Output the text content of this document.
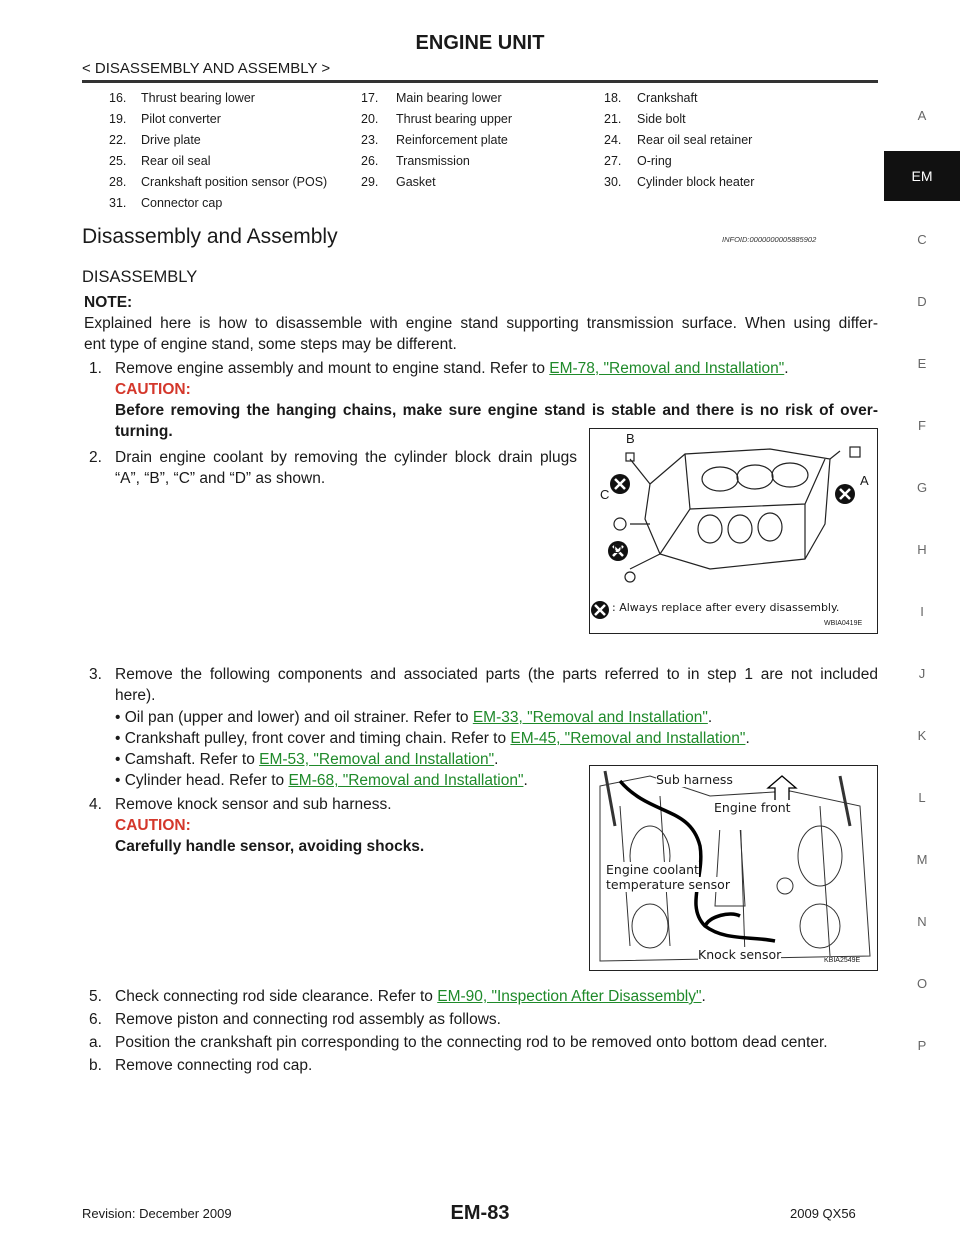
ENGINE UNIT
< DISASSEMBLY AND ASSEMBLY >
EM
A
C
D
E
F
G
H
I
J
K
L
M
N
O
P
16. Thrust bearing lower	17. Main bearing lower	18. Crankshaft
19. Pilot converter	20. Thrust bearing upper	21. Side bolt
22. Drive plate	23. Reinforcement plate	24. Rear oil seal retainer
25. Rear oil seal	26. Transmission	27. O-ring
28. Crankshaft position sensor (POS)	29. Gasket	30. Cylinder block heater
31. Connector cap
Disassembly and Assembly	INFOID:0000000005885902
DISASSEMBLY
NOTE:
Explained here is how to disassemble with engine stand supporting transmission surface. When using differ-
ent type of engine stand, some steps may be different.
1. Remove engine assembly and mount to engine stand. Refer to EM-78, "Removal and Installation".
CAUTION:
Before removing the hanging chains, make sure engine stand is stable and there is no risk of over-
turning.
2. Drain engine coolant by removing the cylinder block drain plugs
“A”, “B”, “C” and “D” as shown.
B
A
C
D
: Always replace after every disassembly.
WBIA0419E
3. Remove the following components and associated parts (the parts referred to in step 1 are not included
here).
• Oil pan (upper and lower) and oil strainer. Refer to EM-33, "Removal and Installation".
• Crankshaft pulley, front cover and timing chain. Refer to EM-45, "Removal and Installation".
• Camshaft. Refer to EM-53, "Removal and Installation".
• Cylinder head. Refer to EM-68, "Removal and Installation".
4. Remove knock sensor and sub harness.
CAUTION:
Carefully handle sensor, avoiding shocks.
Sub harness
Engine front
Engine coolant
temperature sensor
Knock sensor	KBIA2549E
5. Check connecting rod side clearance. Refer to EM-90, "Inspection After Disassembly".
6. Remove piston and connecting rod assembly as follows.
a. Position the crankshaft pin corresponding to the connecting rod to be removed onto bottom dead center.
b. Remove connecting rod cap.
Revision: December 2009	EM-83	2009 QX56
